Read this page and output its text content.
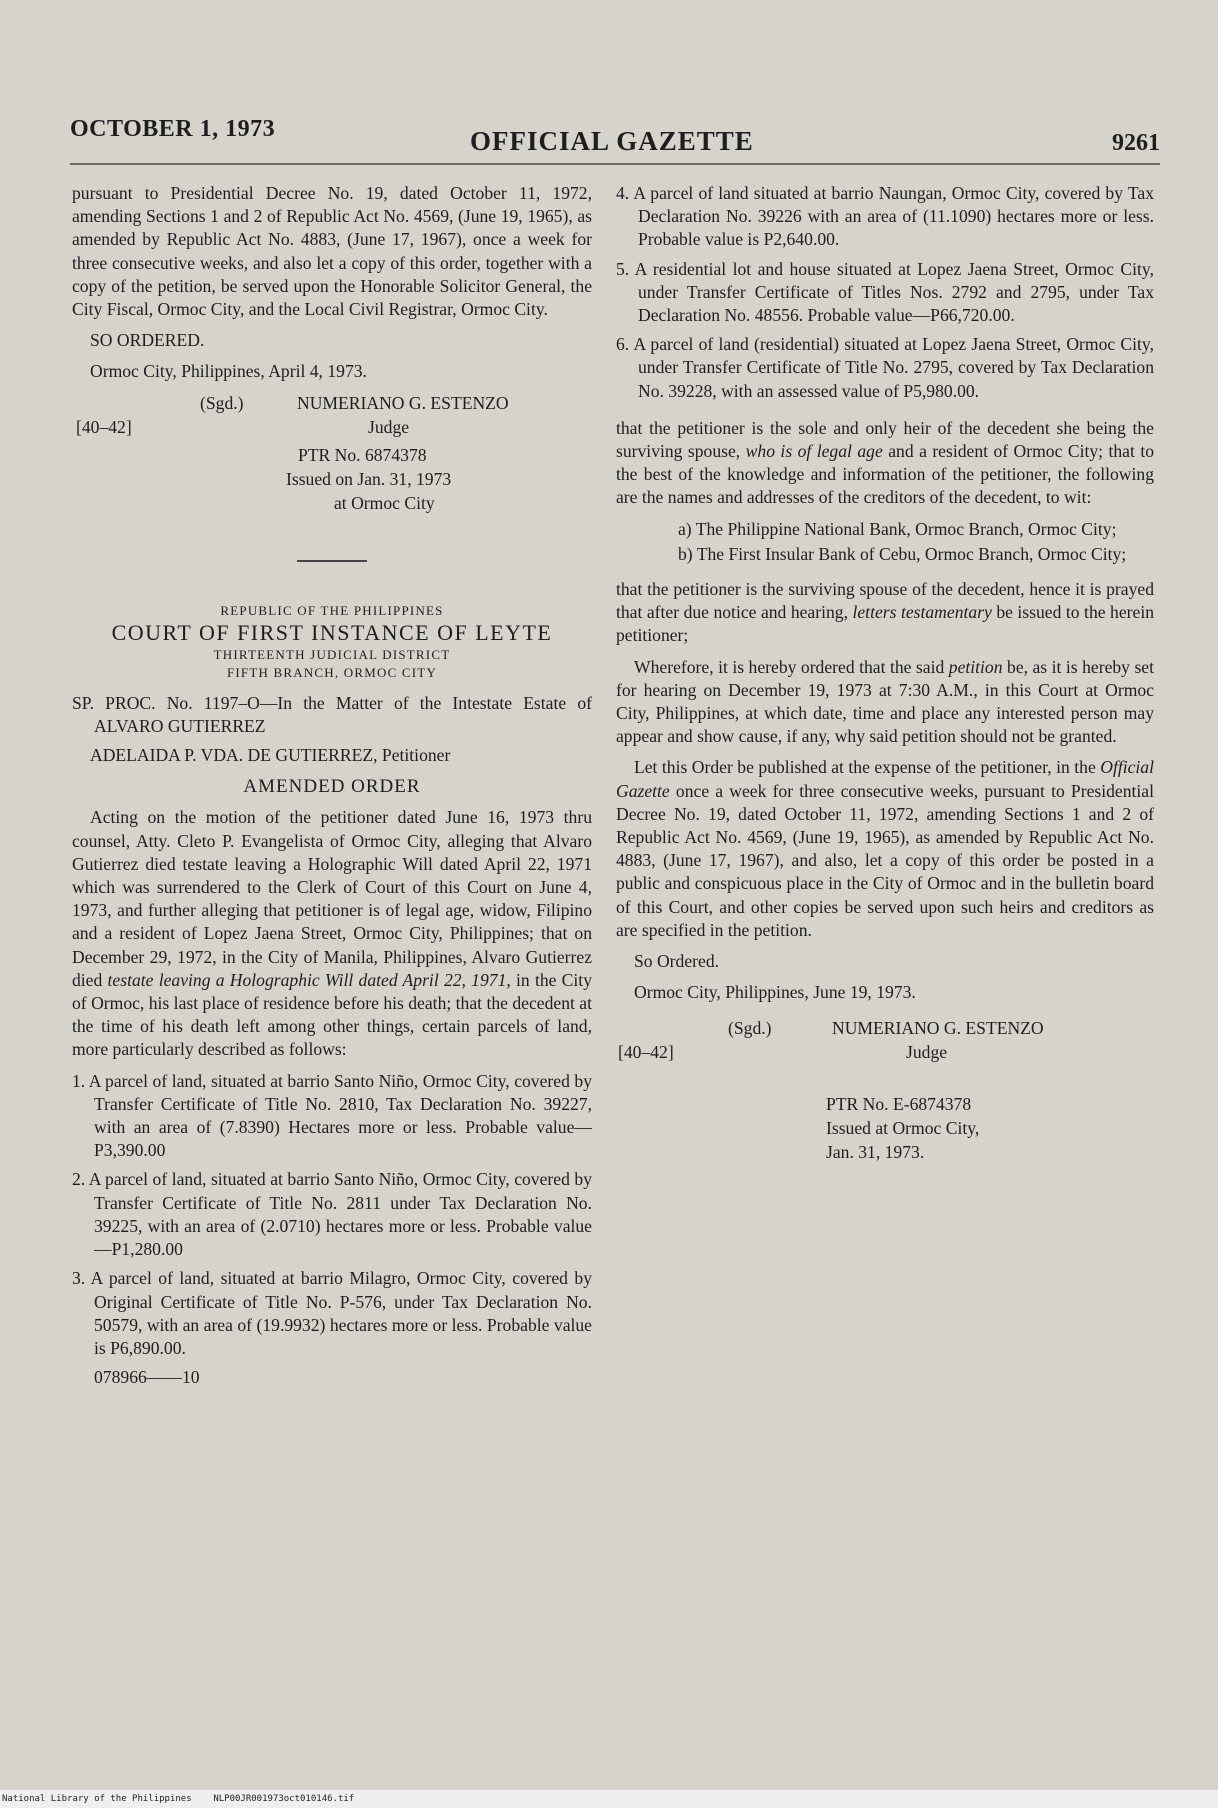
OCTOBER 1, 1973	OFFICIAL GAZETTE	9261

pursuant to Presidential Decree No. 19, dated October 11, 1972, amending Sections 1 and 2 of Republic Act No. 4569, (June 19, 1965), as amended by Republic Act No. 4883, (June 17, 1967), once a week for three consecutive weeks, and also let a copy of this order, together with a copy of the petition, be served upon the Honorable Solicitor General, the City Fiscal, Ormoc City, and the Local Civil Registrar, Ormoc City.

SO ORDERED.

Ormoc City, Philippines, April 4, 1973.

(Sgd.)	NUMERIANO G. ESTENZO
[40–42]	Judge
PTR No. 6874378
Issued on Jan. 31, 1973
at Ormoc City

REPUBLIC OF THE PHILIPPINES

COURT OF FIRST INSTANCE OF LEYTE

THIRTEENTH JUDICIAL DISTRICT

FIFTH BRANCH, ORMOC CITY

SP. PROC. No. 1197–O—In the Matter of the Intestate Estate of ALVARO GUTIERREZ

ADELAIDA P. VDA. DE GUTIERREZ, Petitioner

AMENDED ORDER

Acting on the motion of the petitioner dated June 16, 1973 thru counsel, Atty. Cleto P. Evangelista of Ormoc City, alleging that Alvaro Gutierrez died testate leaving a Holographic Will dated April 22, 1971 which was surrendered to the Clerk of Court of this Court on June 4, 1973, and further alleging that petitioner is of legal age, widow, Filipino and a resident of Lopez Jaena Street, Ormoc City, Philippines; that on December 29, 1972, in the City of Manila, Philippines, Alvaro Gutierrez died testate leaving a Holographic Will dated April 22, 1971, in the City of Ormoc, his last place of residence before his death; that the decedent at the time of his death left among other things, certain parcels of land, more particularly described as follows:

1. A parcel of land, situated at barrio Santo Niño, Ormoc City, covered by Transfer Certificate of Title No. 2810, Tax Declaration No. 39227, with an area of (7.8390) Hectares more or less. Probable value—P3,390.00

2. A parcel of land, situated at barrio Santo Niño, Ormoc City, covered by Transfer Certificate of Title No. 2811 under Tax Declaration No. 39225, with an area of (2.0710) hectares more or less. Probable value—P1,280.00

3. A parcel of land, situated at barrio Milagro, Ormoc City, covered by Original Certificate of Title No. P-576, under Tax Declaration No. 50579, with an area of (19.9932) hectares more or less. Probable value is P6,890.00.

078966——10

4. A parcel of land situated at barrio Naungan, Ormoc City, covered by Tax Declaration No. 39226 with an area of (11.1090) hectares more or less. Probable value is P2,640.00.

5. A residential lot and house situated at Lopez Jaena Street, Ormoc City, under Transfer Certificate of Titles Nos. 2792 and 2795, under Tax Declaration No. 48556. Probable value—P66,720.00.

6. A parcel of land (residential) situated at Lopez Jaena Street, Ormoc City, under Transfer Certificate of Title No. 2795, covered by Tax Declaration No. 39228, with an assessed value of P5,980.00.

that the petitioner is the sole and only heir of the decedent she being the surviving spouse, who is of legal age and a resident of Ormoc City; that to the best of the knowledge and information of the petitioner, the following are the names and addresses of the creditors of the decedent, to wit:

a) The Philippine National Bank, Ormoc Branch, Ormoc City;

b) The First Insular Bank of Cebu, Ormoc Branch, Ormoc City;

that the petitioner is the surviving spouse of the decedent, hence it is prayed that after due notice and hearing, letters testamentary be issued to the herein petitioner;

Wherefore, it is hereby ordered that the said petition be, as it is hereby set for hearing on December 19, 1973 at 7:30 A.M., in this Court at Ormoc City, Philippines, at which date, time and place any interested person may appear and show cause, if any, why said petition should not be granted.

Let this Order be published at the expense of the petitioner, in the Official Gazette once a week for three consecutive weeks, pursuant to Presidential Decree No. 19, dated October 11, 1972, amending Sections 1 and 2 of Republic Act No. 4569, (June 19, 1965), as amended by Republic Act No. 4883, (June 17, 1967), and also, let a copy of this order be posted in a public and conspicuous place in the City of Ormoc and in the bulletin board of this Court, and other copies be served upon such heirs and creditors as are specified in the petition.

So Ordered.

Ormoc City, Philippines, June 19, 1973.

(Sgd.)	NUMERIANO G. ESTENZO
[40–42]	Judge
PTR No. E-6874378
Issued at Ormoc City,
Jan. 31, 1973.
National Library of the Philippines    NLP00JR001973oct010146.tif
